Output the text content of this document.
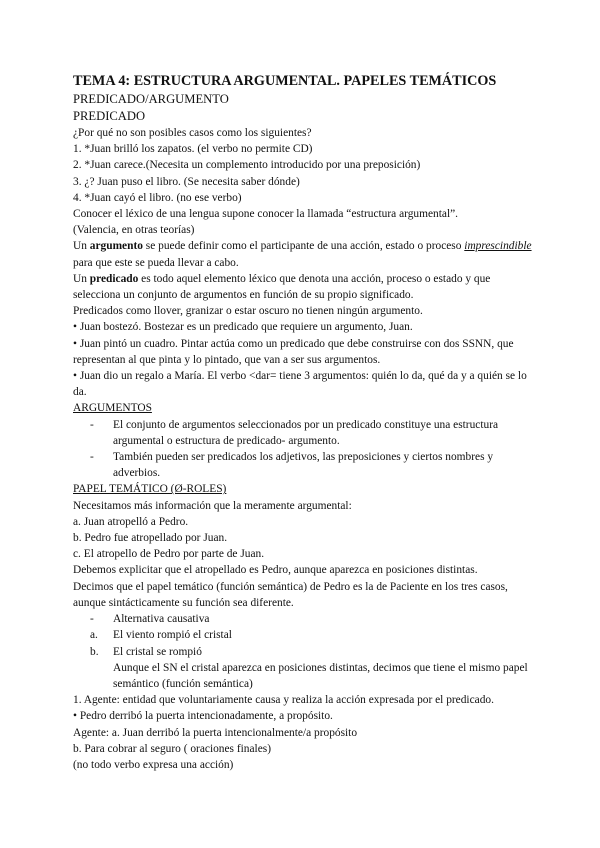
TEMA 4: ESTRUCTURA ARGUMENTAL. PAPELES TEMÁTICOS

PREDICADO/ARGUMENTO

PREDICADO

¿Por qué no son posibles casos como los siguientes?

1. *Juan brilló los zapatos. (el verbo no permite CD)

2. *Juan carece.(Necesita un complemento introducido por una preposición)

3. ¿? Juan puso el libro. (Se necesita saber dónde)

4. *Juan cayó el libro. (no ese verbo)

Conocer el léxico de una lengua supone conocer la llamada “estructura argumental”.

(Valencia, en otras teorías)

Un argumento se puede definir como el participante de una acción, estado o proceso imprescindible para que este se pueda llevar a cabo.

Un predicado es todo aquel elemento léxico que denota una acción, proceso o estado y que selecciona un conjunto de argumentos en función de su propio significado.

Predicados como llover, granizar o estar oscuro no tienen ningún argumento.

• Juan bostezó. Bostezar es un predicado que requiere un argumento, Juan.

• Juan pintó un cuadro. Pintar actúa como un predicado que debe construirse con dos SSNN, que representan al que pinta y lo pintado, que van a ser sus argumentos.

• Juan dio un regalo a María. El verbo <dar= tiene 3 argumentos: quién lo da, qué da y a quién se lo da.

ARGUMENTOS

-	El conjunto de argumentos seleccionados por un predicado constituye una estructura argumental o estructura de predicado- argumento.
-	También pueden ser predicados los adjetivos, las preposiciones y ciertos nombres y adverbios.

PAPEL TEMÁTICO (Ø-ROLES)

Necesitamos más información que la meramente argumental:

a. Juan atropelló a Pedro.

b. Pedro fue atropellado por Juan.

c. El atropello de Pedro por parte de Juan.

Debemos explicitar que el atropellado es Pedro, aunque aparezca en posiciones distintas.

Decimos que el papel temático (función semántica) de Pedro es la de Paciente en los tres casos, aunque sintácticamente su función sea diferente.

-	Alternativa causativa
a.	El viento rompió el cristal
b.	El cristal se rompió

Aunque el SN el cristal aparezca en posiciones distintas, decimos que tiene el mismo papel semántico (función semántica)

1. Agente: entidad que voluntariamente causa y realiza la acción expresada por el predicado.

• Pedro derribó la puerta intencionadamente, a propósito.

Agente: a. Juan derribó la puerta intencionalmente/a propósito

b. Para cobrar al seguro ( oraciones finales)

(no todo verbo expresa una acción)
